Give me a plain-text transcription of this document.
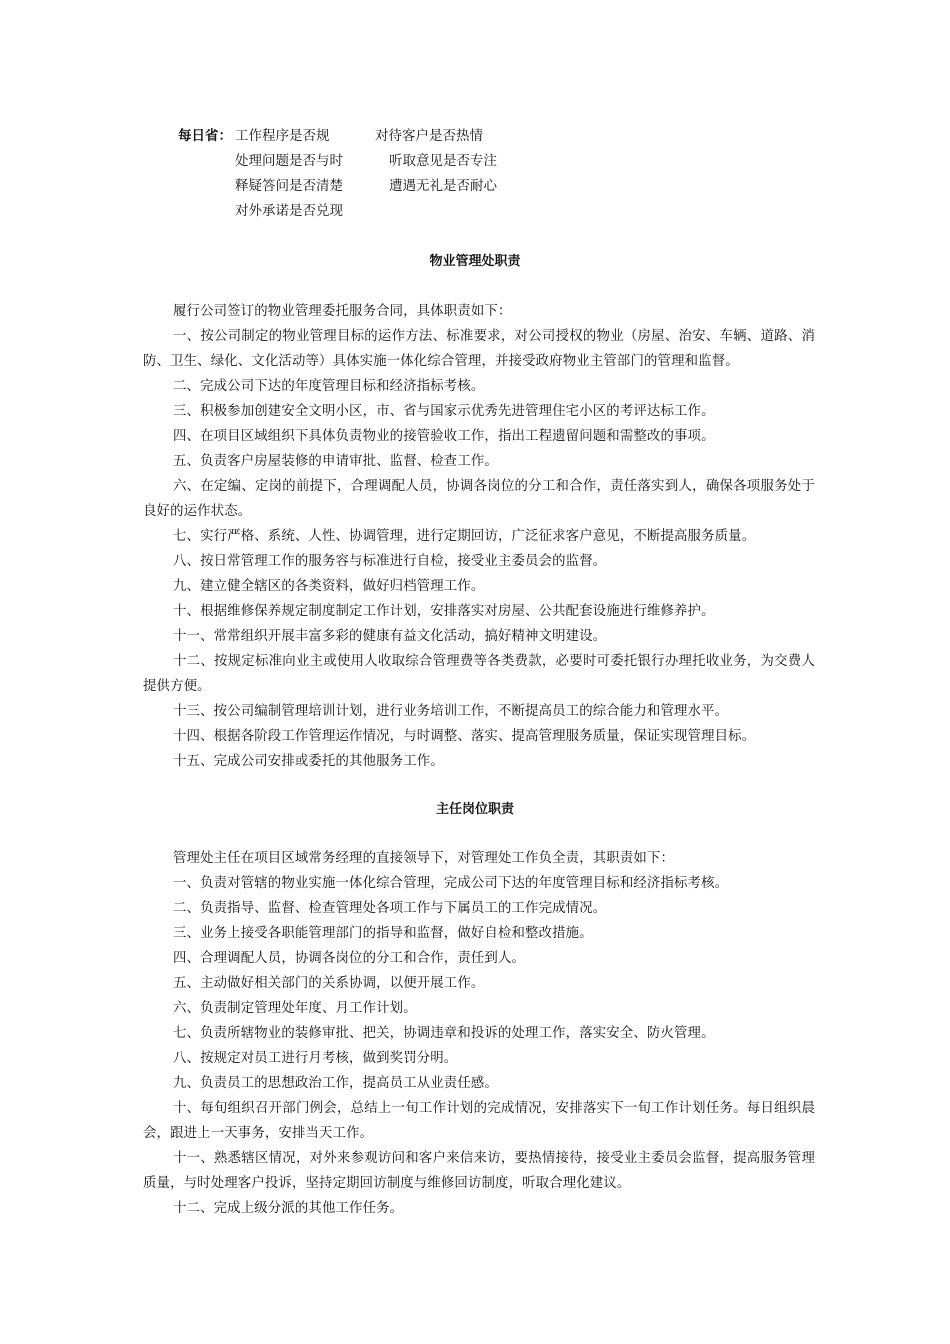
每日省： 工作程序是否规	对待客户是否热情
处理问题是否与时	听取意见是否专注
释疑答问是否清楚	遭遇无礼是否耐心
对外承诺是否兑现
物业管理处职责

履行公司签订的物业管理委托服务合同，具体职责如下：

一、按公司制定的物业管理目标的运作方法、标准要求，对公司授权的物业（房屋、治安、车辆、道路、消防、卫生、绿化、文化活动等）具体实施一体化综合管理，并接受政府物业主管部门的管理和监督。

二、完成公司下达的年度管理目标和经济指标考核。

三、积极参加创建安全文明小区，市、省与国家示优秀先进管理住宅小区的考评达标工作。

四、在项目区域组织下具体负责物业的接管验收工作，指出工程遗留问题和需整改的事项。

五、负责客户房屋装修的申请审批、监督、检查工作。

六、在定编、定岗的前提下，合理调配人员，协调各岗位的分工和合作，责任落实到人，确保各项服务处于良好的运作状态。

七、实行严格、系统、人性、协调管理，进行定期回访，广泛征求客户意见，不断提高服务质量。

八、按日常管理工作的服务容与标准进行自检，接受业主委员会的监督。

九、建立健全辖区的各类资料，做好归档管理工作。

十、根据维修保养规定制度制定工作计划，安排落实对房屋、公共配套设施进行维修养护。

十一、常常组织开展丰富多彩的健康有益文化活动，搞好精神文明建设。

十二、按规定标准向业主或使用人收取综合管理费等各类费款，必要时可委托银行办理托收业务，为交费人提供方便。

十三、按公司编制管理培训计划，进行业务培训工作，不断提高员工的综合能力和管理水平。

十四、根据各阶段工作管理运作情况，与时调整、落实、提高管理服务质量，保证实现管理目标。

十五、完成公司安排或委托的其他服务工作。

主任岗位职责

管理处主任在项目区域常务经理的直接领导下，对管理处工作负全责，其职责如下：

一、负责对管辖的物业实施一体化综合管理，完成公司下达的年度管理目标和经济指标考核。

二、负责指导、监督、检查管理处各项工作与下属员工的工作完成情况。

三、业务上接受各职能管理部门的指导和监督，做好自检和整改措施。

四、合理调配人员，协调各岗位的分工和合作，责任到人。

五、主动做好相关部门的关系协调，以便开展工作。

六、负责制定管理处年度、月工作计划。

七、负责所辖物业的装修审批、把关，协调违章和投诉的处理工作，落实安全、防火管理。

八、按规定对员工进行月考核，做到奖罚分明。

九、负责员工的思想政治工作，提高员工从业责任感。

十、每旬组织召开部门例会，总结上一旬工作计划的完成情况，安排落实下一旬工作计划任务。每日组织晨会，跟进上一天事务，安排当天工作。

十一、熟悉辖区情况，对外来参观访问和客户来信来访，要热情接待，接受业主委员会监督，提高服务管理质量，与时处理客户投诉，坚持定期回访制度与维修回访制度，听取合理化建议。

十二、完成上级分派的其他工作任务。
